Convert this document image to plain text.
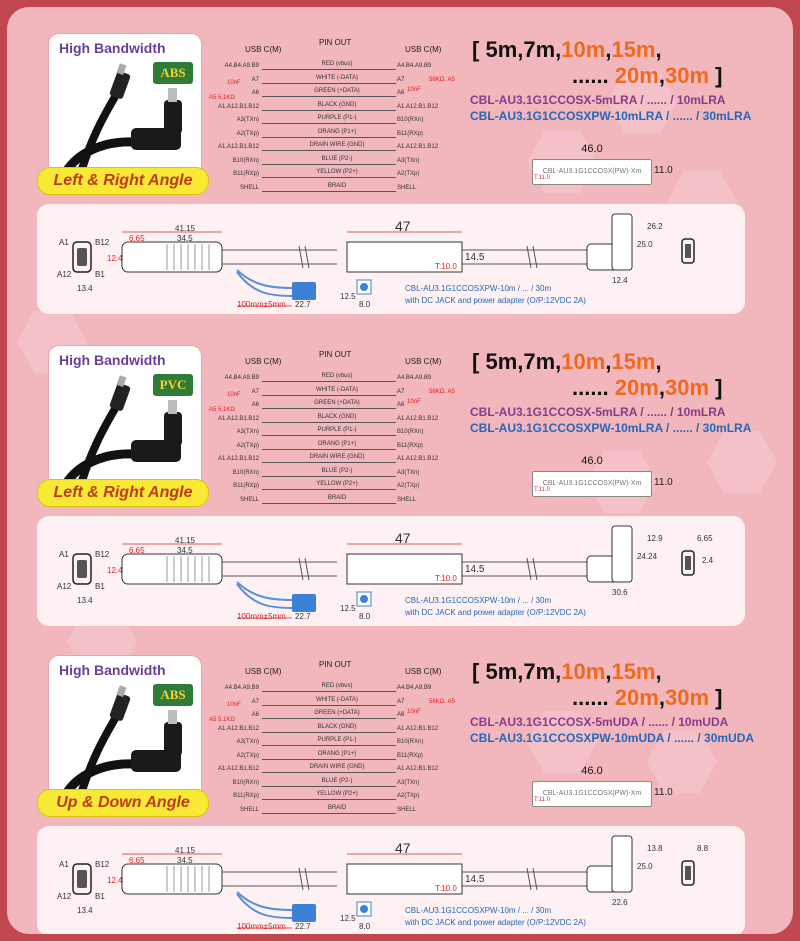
High Bandwidth
ABS
Left & Right Angle
USB C(M)
PIN OUT
USB C(M)
A4.B4.A9.B9	RED (vbus)	A4.B4.A9.B9
A7	WHITE (-DATA)	A7
A6	GREEN (+DATA)	A6
A1.A12.B1.B12	BLACK (GND)	A1.A12.B1.B12
A3(TXn)	PURPLE (P1-)	B10(RXn)
A2(TXp)	ORANG (P1+)	B11(RXp)
A1.A12.B1.B12	DRAIN WIRE (GND)	A1.A12.B1.B12
B10(RXn)	BLUE (P2-)	A3(TXn)
B11(RXp)	YELLOW (P2+)	A2(TXp)
SHELL	BRAID	SHELL
10nF
A5 5.1KΩ
56KΩ, A5
10nF
[ 5m,7m,10m,15m,
...... 20m,30m ]
CBL-AU3.1G1CCOSX-5mLRA / ...... / 10mLRA
CBL-AU3.1G1CCOSXPW-10mLRA / ...... / 30mLRA
46.0
CBL-AU3.1G1CCOSX(PW)-Xm	11.0
T:11.0
41.15
6.65	34.5
12.4
13.4
A1	B12
A12	B1
47
14.5
T:10.0
100mm±5mm 22.7
12.5
8.0
CBL-AU3.1G1CCOSXPW-10m / ... / 30m
with DC JACK and power adapter (O/P:12VDC 2A)
26.2
25.0
12.4
High Bandwidth
PVC
Left & Right Angle
USB C(M)
PIN OUT
USB C(M)
A4.B4.A9.B9	RED (vbus)	A4.B4.A9.B9
A7	WHITE (-DATA)	A7
A6	GREEN (+DATA)	A6
A1.A12.B1.B12	BLACK (GND)	A1.A12.B1.B12
A3(TXn)	PURPLE (P1-)	B10(RXn)
A2(TXp)	ORANG (P1+)	B11(RXp)
A1.A12.B1.B12	DRAIN WIRE (GND)	A1.A12.B1.B12
B10(RXn)	BLUE (P2-)	A3(TXn)
B11(RXp)	YELLOW (P2+)	A2(TXp)
SHELL	BRAID	SHELL
10nF
A5 5.1KΩ
56KΩ, A5
10nF
[ 5m,7m,10m,15m,
...... 20m,30m ]
CBL-AU3.1G1CCOSX-5mLRA / ...... / 10mLRA
CBL-AU3.1G1CCOSXPW-10mLRA / ...... / 30mLRA
46.0
CBL-AU3.1G1CCOSX(PW)-Xm	11.0
T:11.0
41.15
6.65	34.5
12.4
13.4
A1	B12
A12	B1
47
14.5
T:10.0
100mm±5mm 22.7
12.5
8.0
CBL-AU3.1G1CCOSXPW-10m / ... / 30m
with DC JACK and power adapter (O/P:12VDC 2A)
12.9
24.24
30.6
6.65
2.4
High Bandwidth
ABS
Up & Down Angle
USB C(M)
PIN OUT
USB C(M)
A4.B4.A9.B9	RED (vbus)	A4.B4.A9.B9
A7	WHITE (-DATA)	A7
A6	GREEN (+DATA)	A6
A1.A12.B1.B12	BLACK (GND)	A1.A12.B1.B12
A3(TXn)	PURPLE (P1-)	B10(RXn)
A2(TXp)	ORANG (P1+)	B11(RXp)
A1.A12.B1.B12	DRAIN WIRE (GND)	A1.A12.B1.B12
B10(RXn)	BLUE (P2-)	A3(TXn)
B11(RXp)	YELLOW (P2+)	A2(TXp)
SHELL	BRAID	SHELL
10nF
A5 5.1KΩ
56KΩ, A5
10nF
[ 5m,7m,10m,15m,
...... 20m,30m ]
CBL-AU3.1G1CCOSX-5mUDA / ...... / 10mUDA
CBL-AU3.1G1CCOSXPW-10mUDA / ...... / 30mUDA
46.0
CBL-AU3.1G1CCOSX(PW)-Xm	11.0
T:11.0
41.15
6.65	34.5
12.4
13.4
A1	B12
A12	B1
47
14.5
T:10.0
100mm±5mm 22.7
12.5
8.0
CBL-AU3.1G1CCOSXPW-10m / ... / 30m
with DC JACK and power adapter (O/P:12VDC 2A)
13.8
25.0
22.6
8.8
